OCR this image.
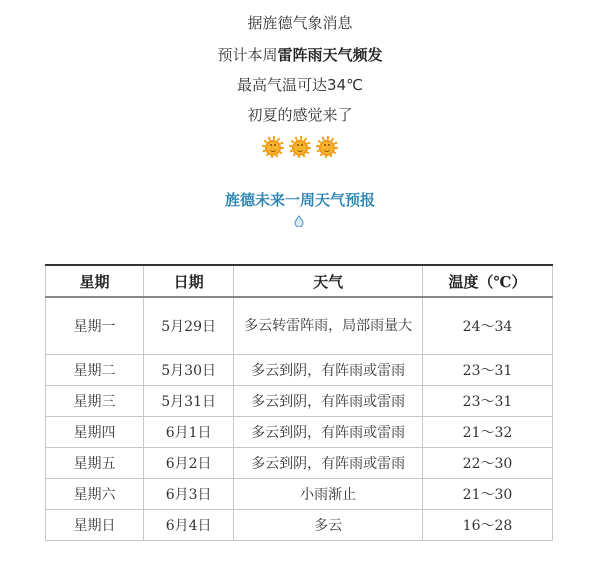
据旌德气象消息
预计本周雷阵雨天气频发
最高气温可达34℃
初夏的感觉来了

旌德未来一周天气预报
星期	日期	天气	温度（℃）
星期一	5月29日	多云转雷阵雨，局部雨量大	24～34
星期二	5月30日	多云到阴，有阵雨或雷雨	23～31
星期三	5月31日	多云到阴，有阵雨或雷雨	23～31
星期四	6月1日	多云到阴，有阵雨或雷雨	21～32
星期五	6月2日	多云到阴，有阵雨或雷雨	22～30
星期六	6月3日	小雨渐止	21～30
星期日	6月4日	多云	16～28
